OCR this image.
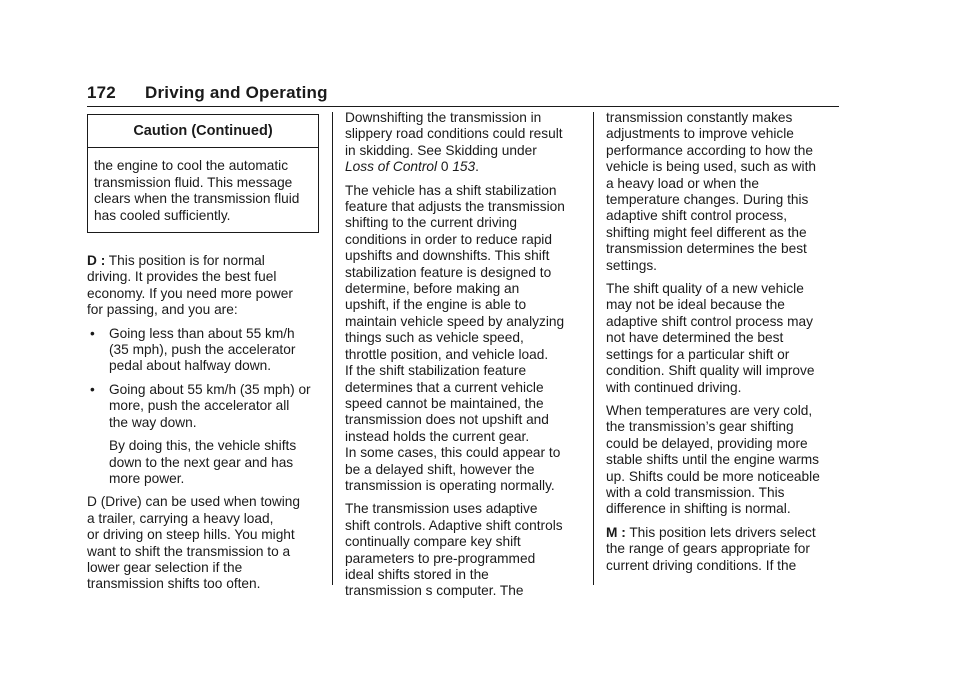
172 Driving and Operating
Caution (Continued)

the engine to cool the automatic

transmission fluid. This message

clears when the transmission fluid

has cooled sufficiently.

D : This position is for normal

driving. It provides the best fuel

economy. If you need more power

for passing, and you are:

•	Going less than about 55 km/h

(35 mph), push the accelerator

pedal about halfway down.

•	Going about 55 km/h (35 mph) or

more, push the accelerator all

the way down.

By doing this, the vehicle shifts

down to the next gear and has

more power.

D (Drive) can be used when towing

a trailer, carrying a heavy load,

or driving on steep hills. You might

want to shift the transmission to a

lower gear selection if the

transmission shifts too often.

Downshifting the transmission in

slippery road conditions could result

in skidding. See Skidding under

Loss of Control 0 153.

The vehicle has a shift stabilization

feature that adjusts the transmission

shifting to the current driving

conditions in order to reduce rapid

upshifts and downshifts. This shift

stabilization feature is designed to

determine, before making an

upshift, if the engine is able to

maintain vehicle speed by analyzing

things such as vehicle speed,

throttle position, and vehicle load.

If the shift stabilization feature

determines that a current vehicle

speed cannot be maintained, the

transmission does not upshift and

instead holds the current gear.

In some cases, this could appear to

be a delayed shift, however the

transmission is operating normally.

The transmission uses adaptive

shift controls. Adaptive shift controls

continually compare key shift

parameters to pre-programmed

ideal shifts stored in the

transmission s computer. The

transmission constantly makes

adjustments to improve vehicle

performance according to how the

vehicle is being used, such as with

a heavy load or when the

temperature changes. During this

adaptive shift control process,

shifting might feel different as the

transmission determines the best

settings.

The shift quality of a new vehicle

may not be ideal because the

adaptive shift control process may

not have determined the best

settings for a particular shift or

condition. Shift quality will improve

with continued driving.

When temperatures are very cold,

the transmission’s gear shifting

could be delayed, providing more

stable shifts until the engine warms

up. Shifts could be more noticeable

with a cold transmission. This

difference in shifting is normal.

M : This position lets drivers select

the range of gears appropriate for

current driving conditions. If the
